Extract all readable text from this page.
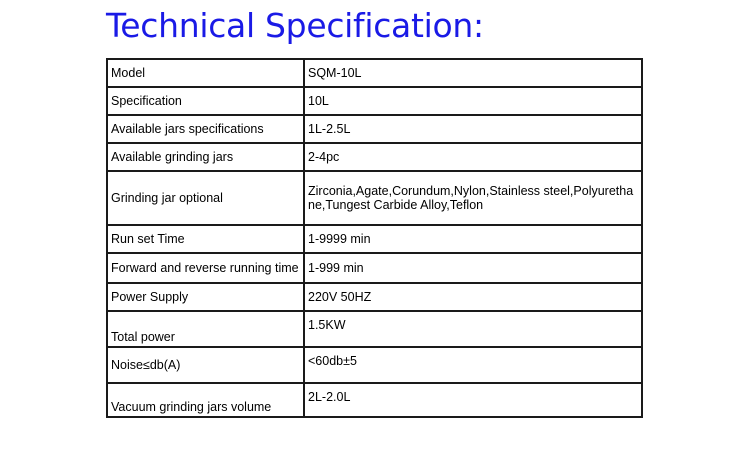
Technical Specification:
Model	SQM-10L
Specification	10L
Available jars specifications	1L-2.5L
Available grinding jars	2-4pc
Grinding jar optional	Zirconia,Agate,Corundum,Nylon,Stainless steel,Polyurethane,Tungest Carbide Alloy,Teflon
Run set Time	1-9999 min
Forward and reverse running time	1-999 min
Power Supply	220V 50HZ
Total power	1.5KW
Noise≤db(A)	<60db±5
Vacuum grinding jars volume	2L-2.0L
